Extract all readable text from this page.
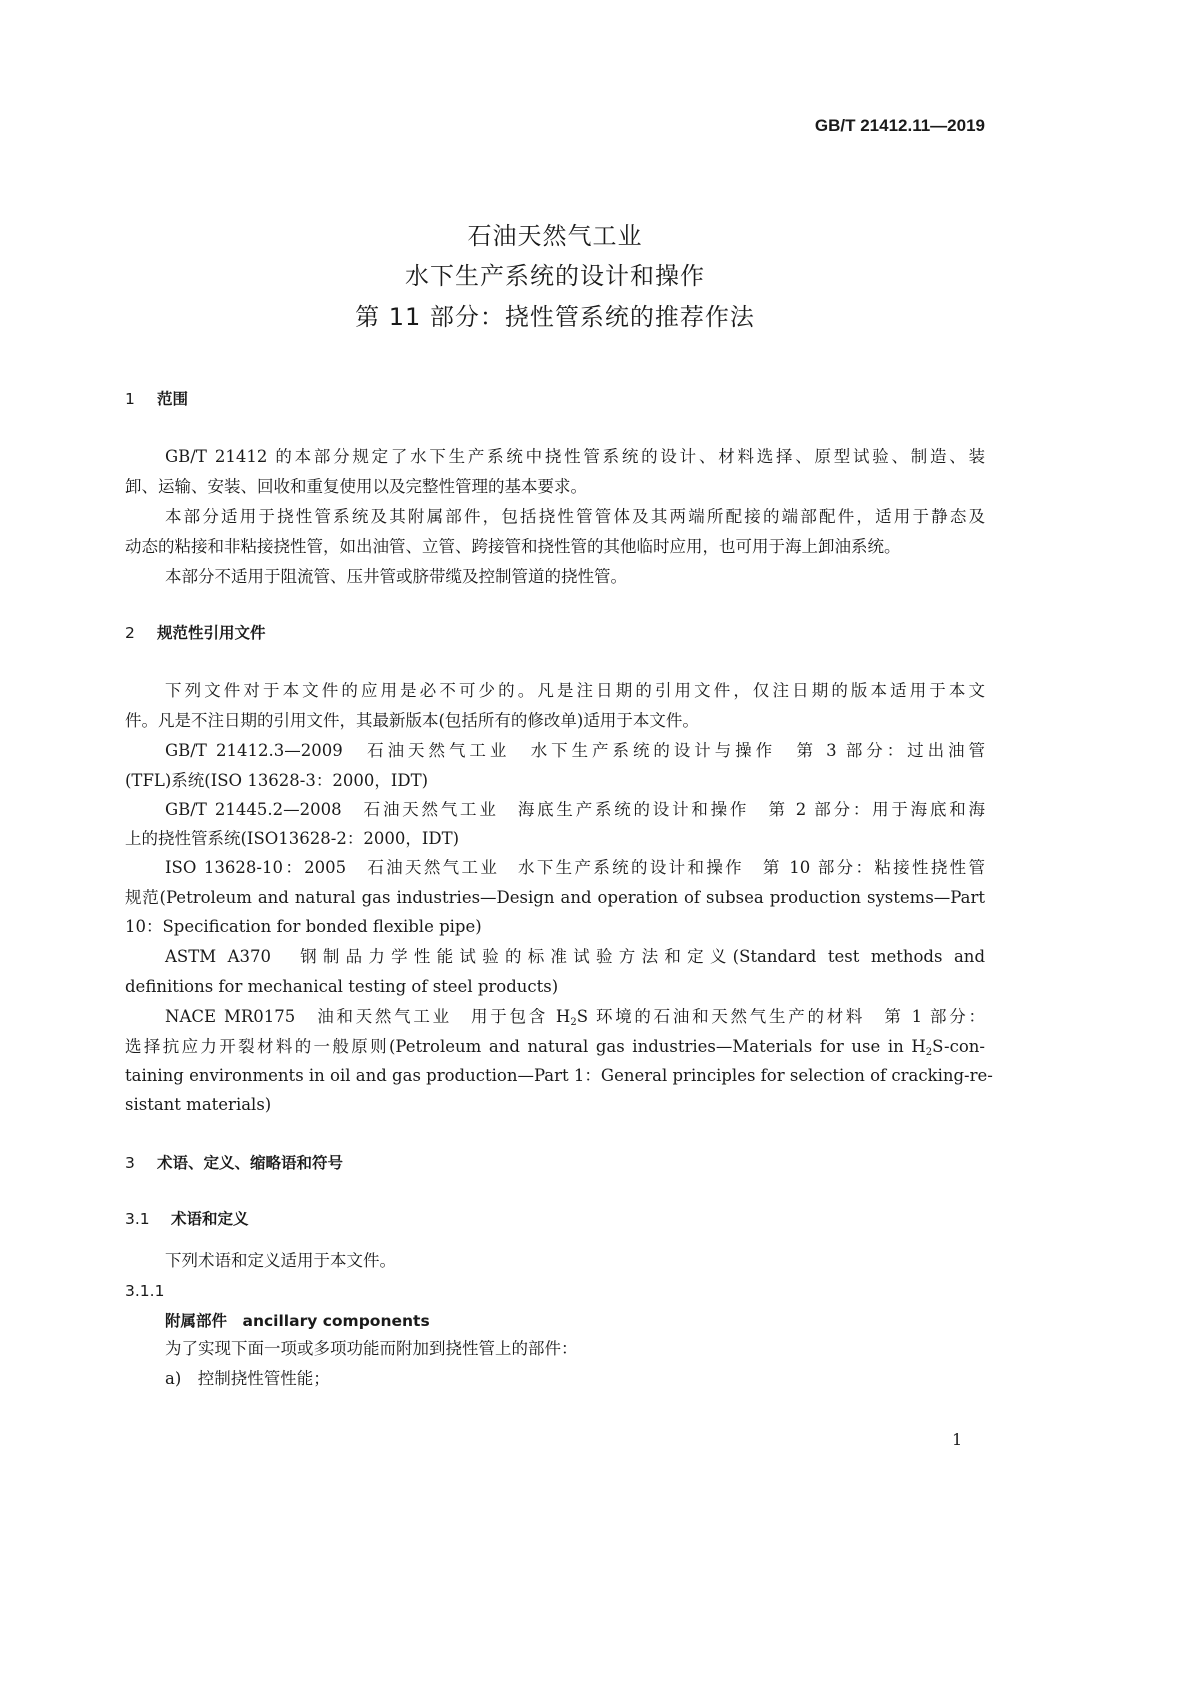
GB/T 21412.11—2019
石油天然气工业
水下生产系统的设计和操作
第 11 部分：挠性管系统的推荐作法
1 范围
GB/T 21412 的本部分规定了水下生产系统中挠性管系统的设计、材料选择、原型试验、制造、装
卸、运输、安装、回收和重复使用以及完整性管理的基本要求。
本部分适用于挠性管系统及其附属部件，包括挠性管管体及其两端所配接的端部配件，适用于静态及
动态的粘接和非粘接挠性管，如出油管、立管、跨接管和挠性管的其他临时应用，也可用于海上卸油系统。
本部分不适用于阻流管、压井管或脐带缆及控制管道的挠性管。
2 规范性引用文件
下列文件对于本文件的应用是必不可少的。凡是注日期的引用文件，仅注日期的版本适用于本文
件。凡是不注日期的引用文件，其最新版本(包括所有的修改单)适用于本文件。
GB/T 21412.3—2009　石油天然气工业　水下生产系统的设计与操作　第 3 部分：过出油管
(TFL)系统(ISO 13628-3：2000，IDT)
GB/T 21445.2—2008　石油天然气工业　海底生产系统的设计和操作　第 2 部分：用于海底和海
上的挠性管系统(ISO13628-2：2000，IDT)
ISO 13628-10：2005　石油天然气工业　水下生产系统的设计和操作　第 10 部分：粘接性挠性管
规范(Petroleum and natural gas industries—Design and operation of subsea production systems—Part
10：Specification for bonded flexible pipe)
ASTM A370　钢制品力学性能试验的标准试验方法和定义(Standard test methods and
definitions for mechanical testing of steel products)
NACE MR0175　油和天然气工业　用于包含 $H_2S$ 环境的石油和天然气生产的材料　第 1 部分：
选择抗应力开裂材料的一般原则(Petroleum and natural gas industries—Materials for use in $H_2S-con-$
taining environments in oil and gas production—Part 1：General principles for selection of cracking-re-
sistant materials)
3 术语、定义、缩略语和符号
3.1 术语和定义
下列术语和定义适用于本文件。
3.1.1
附属部件　ancillary components
为了实现下面一项或多项功能而附加到挠性管上的部件：
a)　控制挠性管性能；
1
